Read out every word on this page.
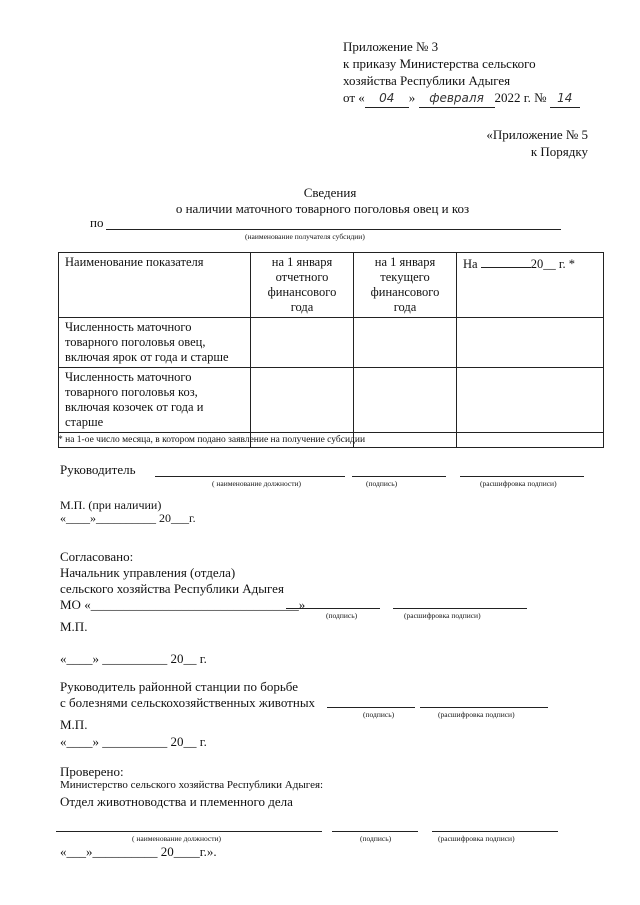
Приложение № 3
к приказу Министерства сельского
хозяйства Республики Адыгея
от « 04 » февраля 2022 г. № 14
«Приложение № 5
к Порядку
Сведения
о наличии маточного товарного поголовья овец и коз
по
(наименование получателя субсидии)
Наименование показателя	на 1 января отчетного финансового года	на 1 января текущего финансового года	На 20__ г. *
Численность маточного товарного поголовья овец, включая ярок от года и старше			
Численность маточного товарного поголовья коз, включая козочек от года и старше			

* на 1-ое число месяца, в котором подано заявление на получение субсидии
Руководитель
( наименование должности)	(подпись)	(расшифровка подписи)
М.П. (при наличии)
«____»__________ 20___г.
Согласовано:
Начальник управления (отдела)
сельского хозяйства Республики Адыгея
МО «________________________________»
(подпись)	(расшифровка подписи)
М.П.
«____» __________ 20__ г.
Руководитель районной станции по борьбе
с болезнями сельскохозяйственных животных
(подпись)	(расшифровка подписи)
М.П.
«____» __________ 20__ г.
Проверено:
Министерство сельского хозяйства Республики Адыгея:
Отдел животноводства и племенного дела
( наименование должности)	(подпись)	(расшифровка подписи)
«___»__________ 20____г.».
